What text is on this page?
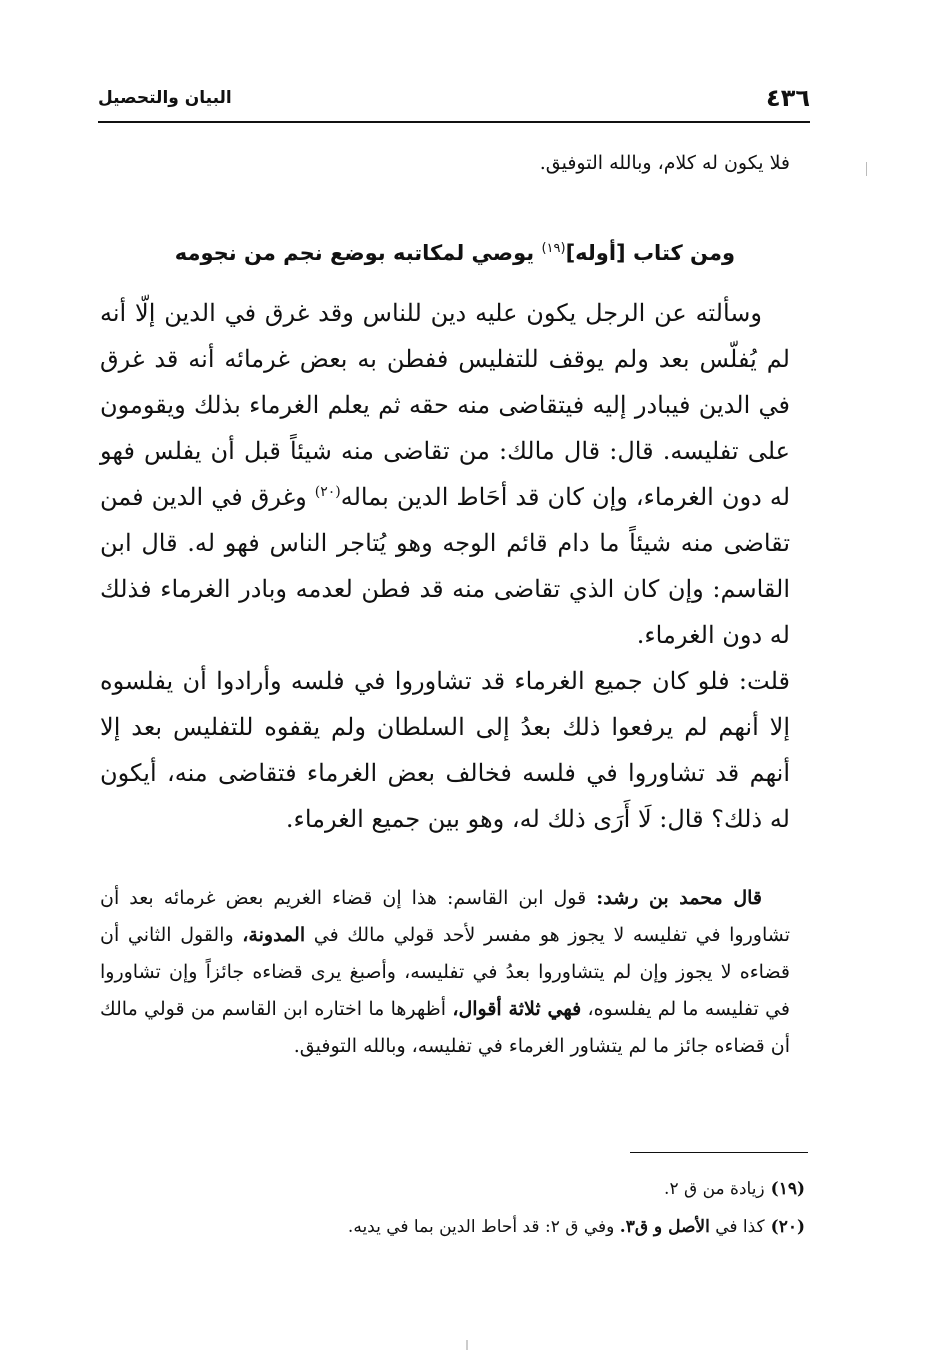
٤٣٦
البيان والتحصيل
فلا يكون له كلام، وبالله التوفيق.
ومن كتاب [أوله]$^{(١٩)}$ يوصي لمكاتبه بوضع نجم من نجومه

وسألته عن الرجل يكون عليه دين للناس وقد غرق في الدين إلّا أنه لم يُفلّس بعد ولم يوقف للتفليس ففطن به بعض غرمائه أنه قد غرق في الدين فيبادر إليه فيتقاضى منه حقه ثم يعلم الغرماء بذلك ويقومون على تفليسه. قال: قال مالك: من تقاضى منه شيئاً قبل أن يفلس فهو له دون الغرماء، وإن كان قد أحَاط الدين بماله$^{(٢٠)}$ وغرق في الدين فمن تقاضى منه شيئاً ما دام قائم الوجه وهو يُتاجر الناس فهو له. قال ابن القاسم: وإن كان الذي تقاضى منه قد فطن لعدمه وبادر الغرماء فذلك له دون الغرماء.

قلت: فلو كان جميع الغرماء قد تشاوروا في فلسه وأرادوا أن يفلسوه إلا أنهم لم يرفعوا ذلك بعدُ إلى السلطان ولم يقفوه للتفليس بعد إلا أنهم قد تشاوروا في فلسه فخالف بعض الغرماء فتقاضى منه، أيكون له ذلك؟ قال: لَا أَرَى ذلك له، وهو بين جميع الغرماء.

قال محمد بن رشد: قول ابن القاسم: هذا إن قضاء الغريم بعض غرمائه بعد أن تشاوروا في تفليسه لا يجوز هو مفسر لأحد قولي مالك في المدونة، والقول الثاني أن قضاءه لا يجوز وإن لم يتشاوروا بعدُ في تفليسه، وأصبغ يرى قضاءه جائزاً وإن تشاوروا في تفليسه ما لم يفلسوه، فهي ثلاثة أقوال، أظهرها ما اختاره ابن القاسم من قولي مالك أن قضاءه جائز ما لم يتشاور الغرماء في تفليسه، وبالله التوفيق.

(١٩)زيادة من ق ٢.
(٢٠)كذا في الأصل و ق٣. وفي ق ٢: قد أحاط الدين بما في يديه.
